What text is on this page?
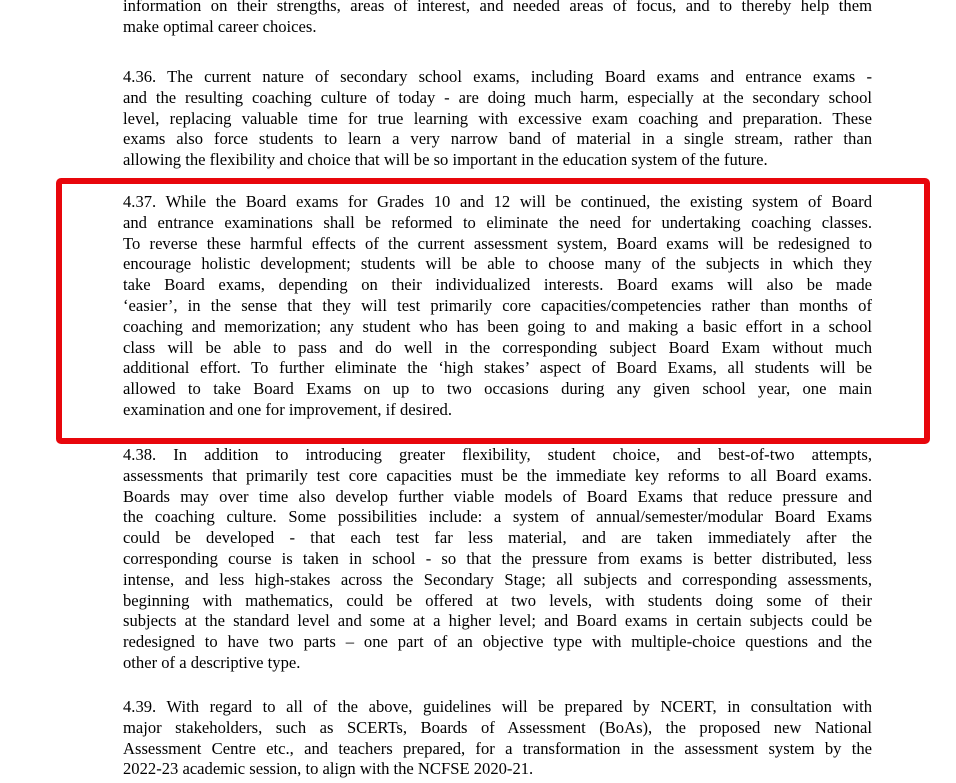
information on their strengths, areas of interest, and needed areas of focus, and to thereby help them
make optimal career choices.
4.36. The current nature of secondary school exams, including Board exams and entrance exams -
and the resulting coaching culture of today - are doing much harm, especially at the secondary school
level, replacing valuable time for true learning with excessive exam coaching and preparation. These
exams also force students to learn a very narrow band of material in a single stream, rather than
allowing the flexibility and choice that will be so important in the education system of the future.
4.37. While the Board exams for Grades 10 and 12 will be continued, the existing system of Board
and entrance examinations shall be reformed to eliminate the need for undertaking coaching classes.
To reverse these harmful effects of the current assessment system, Board exams will be redesigned to
encourage holistic development; students will be able to choose many of the subjects in which they
take Board exams, depending on their individualized interests. Board exams will also be made
‘easier’, in the sense that they will test primarily core capacities/competencies rather than months of
coaching and memorization; any student who has been going to and making a basic effort in a school
class will be able to pass and do well in the corresponding subject Board Exam without much
additional effort. To further eliminate the ‘high stakes’ aspect of Board Exams, all students will be
allowed to take Board Exams on up to two occasions during any given school year, one main
examination and one for improvement, if desired.
4.38. In addition to introducing greater flexibility, student choice, and best-of-two attempts,
assessments that primarily test core capacities must be the immediate key reforms to all Board exams.
Boards may over time also develop further viable models of Board Exams that reduce pressure and
the coaching culture. Some possibilities include: a system of annual/semester/modular Board Exams
could be developed - that each test far less material, and are taken immediately after the
corresponding course is taken in school - so that the pressure from exams is better distributed, less
intense, and less high-stakes across the Secondary Stage; all subjects and corresponding assessments,
beginning with mathematics, could be offered at two levels, with students doing some of their
subjects at the standard level and some at a higher level; and Board exams in certain subjects could be
redesigned to have two parts – one part of an objective type with multiple-choice questions and the
other of a descriptive type.
4.39. With regard to all of the above, guidelines will be prepared by NCERT, in consultation with
major stakeholders, such as SCERTs, Boards of Assessment (BoAs), the proposed new National
Assessment Centre etc., and teachers prepared, for a transformation in the assessment system by the
2022-23 academic session, to align with the NCFSE 2020-21.
